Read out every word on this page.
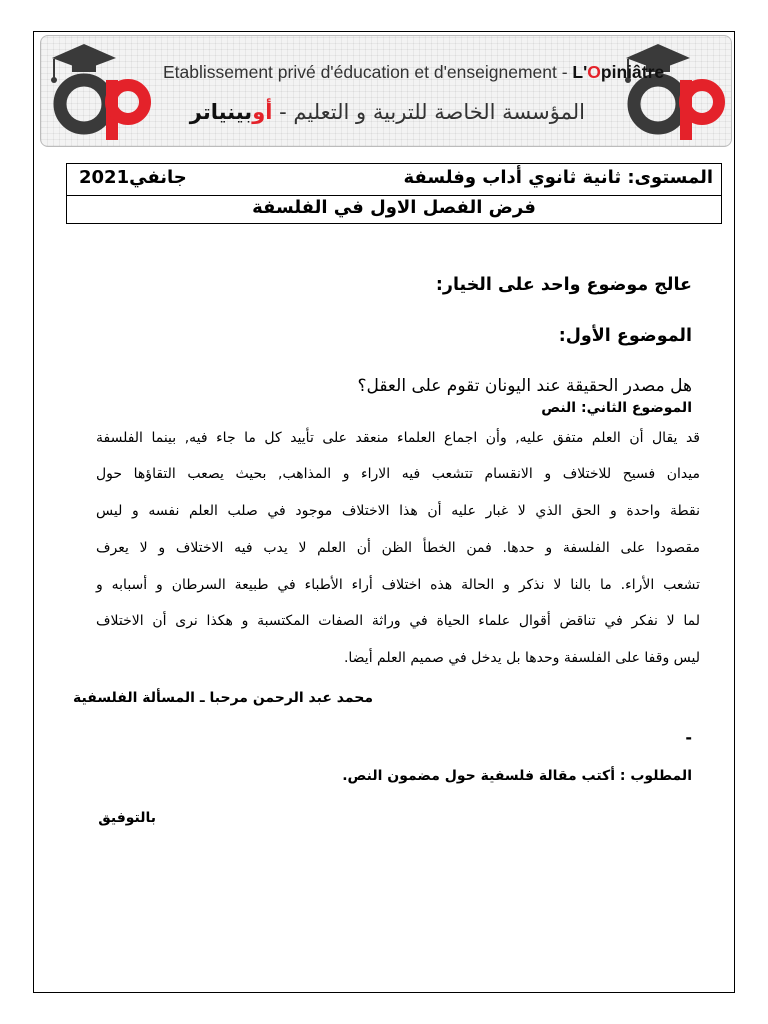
Etablissement privé d'éducation et d'enseignement - L'Opiniâtre
المؤسسة الخاصة للتربية و التعليم - أوبينياتر
المستوى: ثانية ثانوي أداب وفلسفة
جانفي2021
فرض الفصل الاول في الفلسفة
عالج موضوع واحد على الخيار:
الموضوع الأول:
هل مصدر الحقيقة عند اليونان تقوم على العقل؟
الموضوع الثاني: النص
قد يقال أن العلم متفق عليه, وأن اجماع العلماء منعقد على تأييد كل ما جاء فيه, بينما الفلسفة
ميدان فسيح للاختلاف و الانقسام تتشعب فيه الاراء و المذاهب, بحيث يصعب التقاؤها حول
نقطة واحدة و الحق الذي لا غبار عليه أن هذا الاختلاف موجود في صلب العلم نفسه و ليس
مقصودا على الفلسفة و حدها. فمن الخطأ الظن أن العلم لا يدب فيه الاختلاف و لا يعرف
تشعب الأراء. ما بالنا لا نذكر و الحالة هذه اختلاف أراء الأطباء في طبيعة السرطان و أسبابه و
لما لا نفكر في تناقض أقوال علماء الحياة في وراثة الصفات المكتسبة و هكذا نرى أن الاختلاف
ليس وقفا على الفلسفة وحدها بل يدخل في صميم العلم أيضا.
محمد عبد الرحمن مرحبا ـ المسألة الفلسفية
-
المطلوب : أكتب مقالة فلسفية حول مضمون النص.
بالتوفيق
